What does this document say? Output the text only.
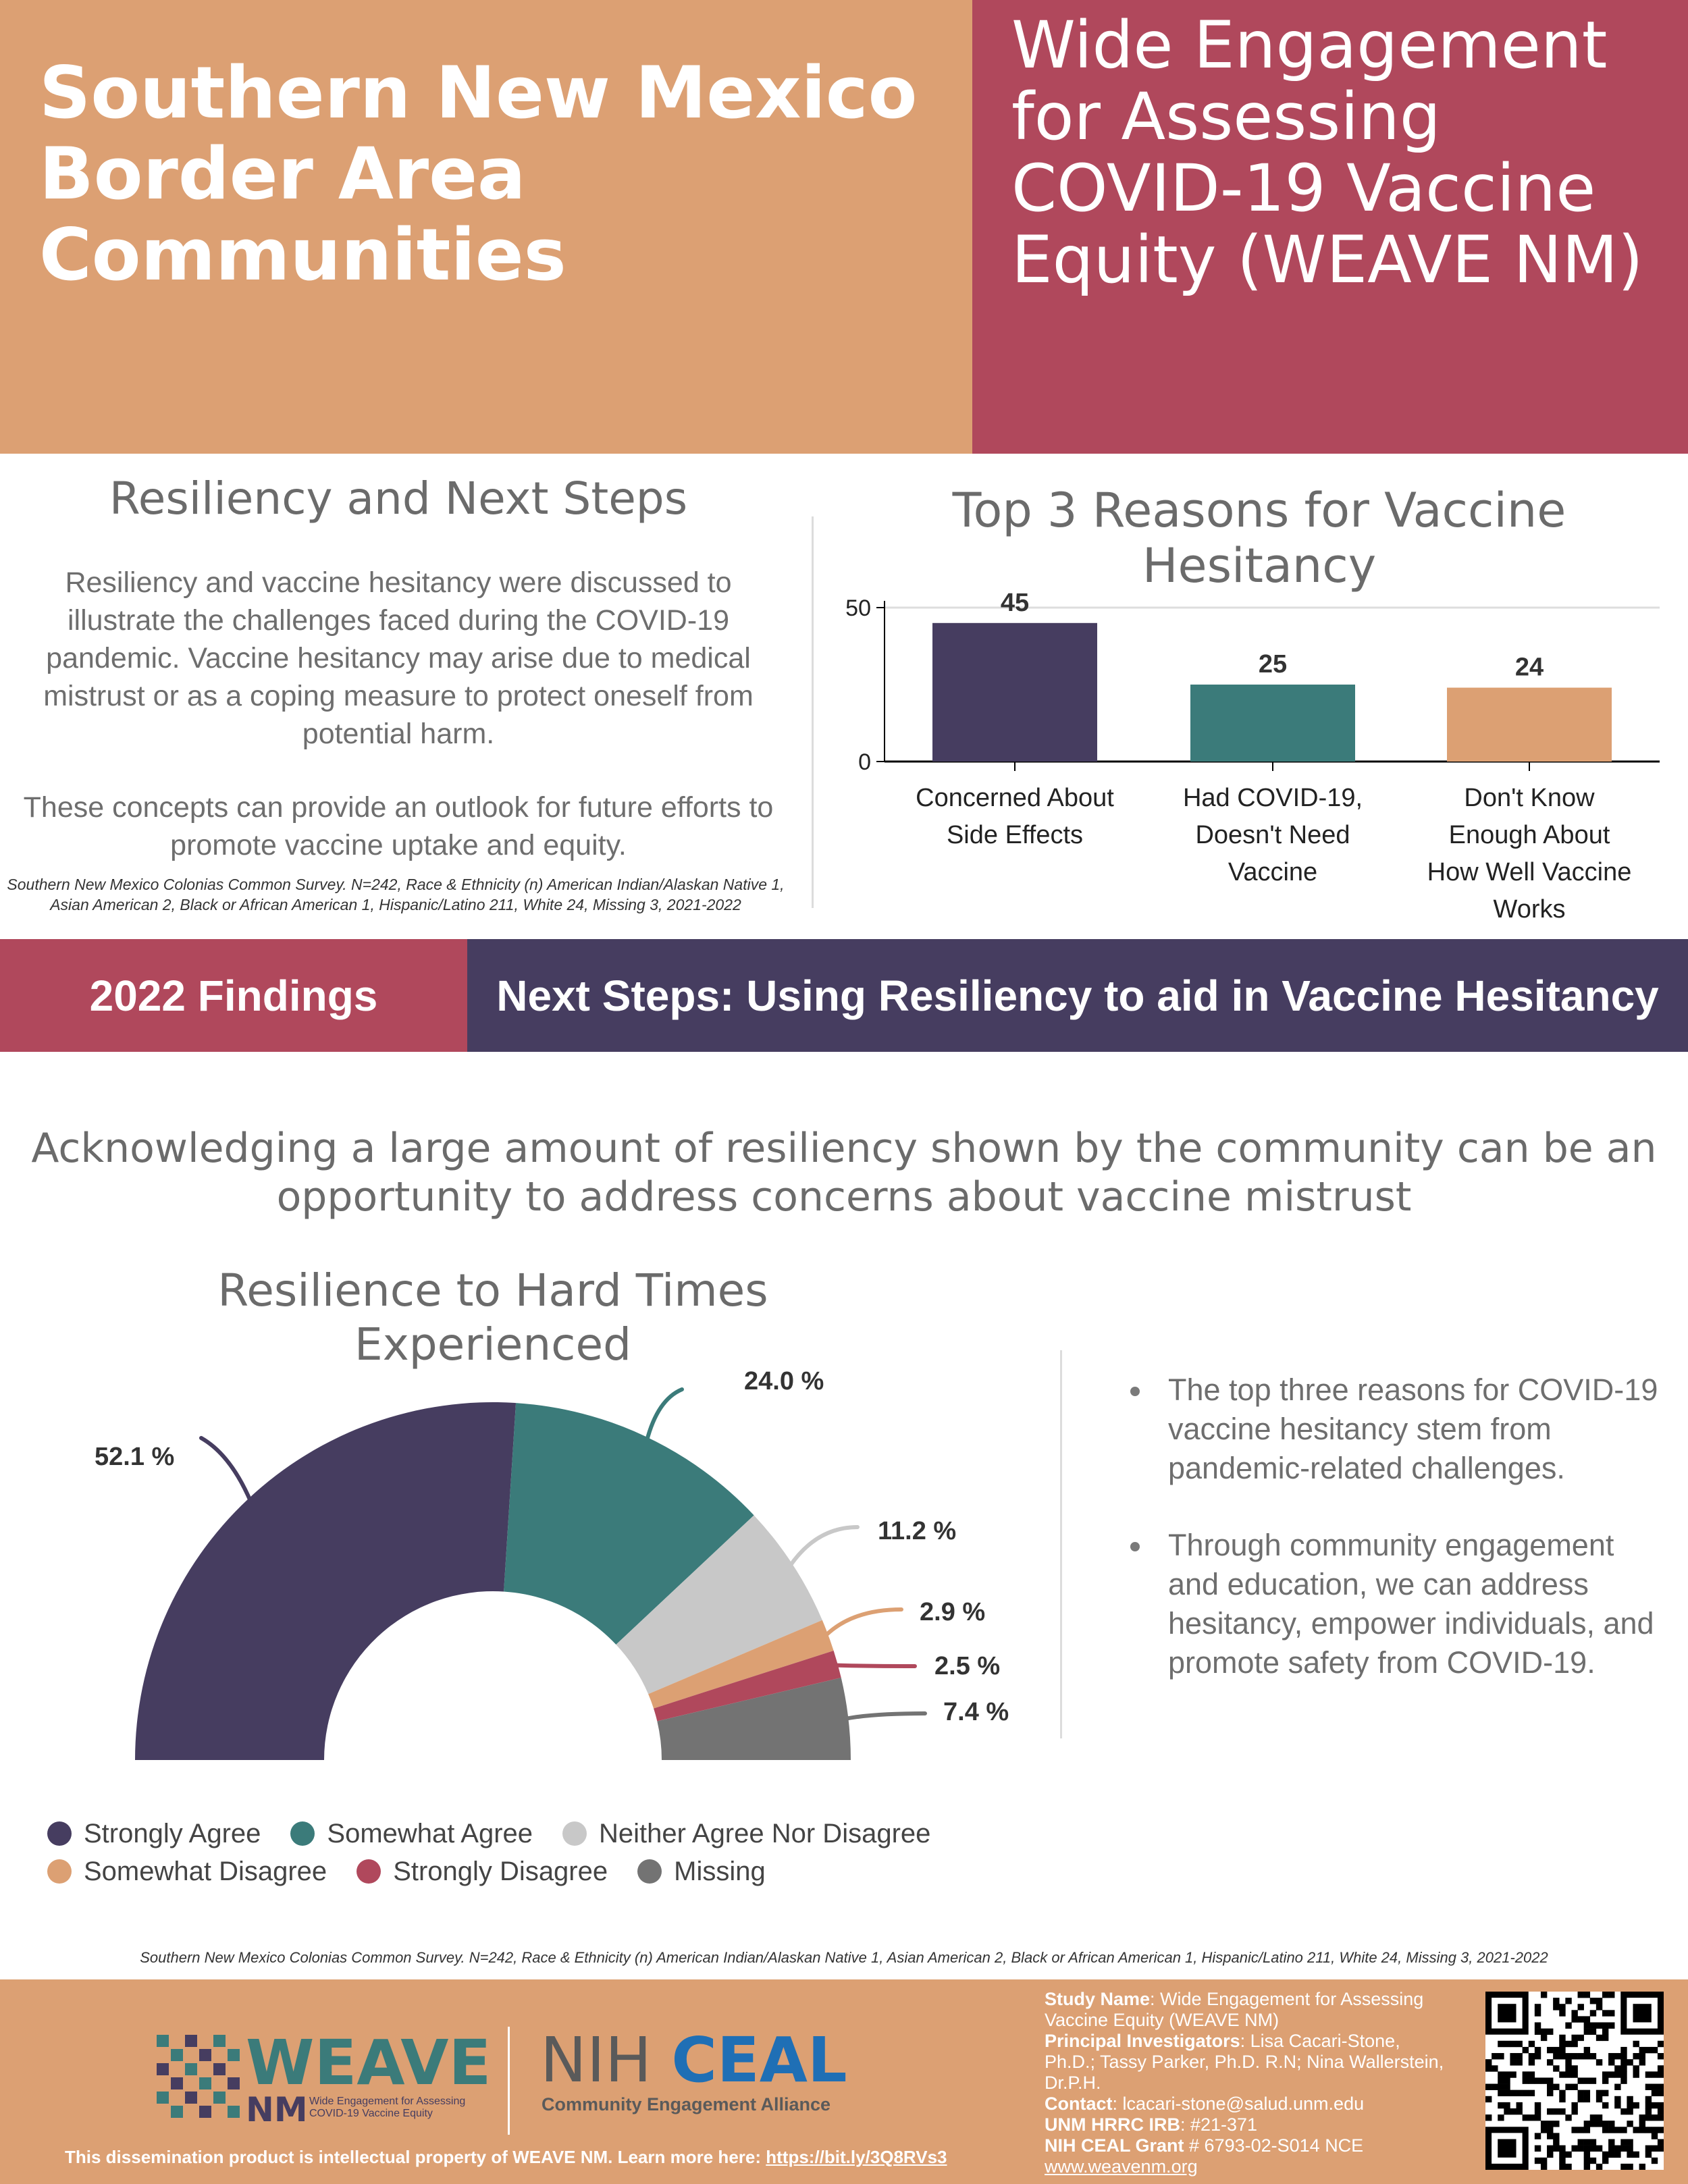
Southern New Mexico Border Area Communities
Wide Engagement for Assessing COVID-19 Vaccine Equity (WEAVE NM)
Resiliency and Next Steps
Resiliency and vaccine hesitancy were discussed to illustrate the challenges faced during the COVID-19 pandemic. Vaccine hesitancy may arise due to medical mistrust or as a coping measure to protect oneself from potential harm.
These concepts can provide an outlook for future efforts to promote vaccine uptake and equity.
Southern New Mexico Colonias Common Survey. N=242, Race & Ethnicity (n) American Indian/Alaskan Native 1, Asian American 2, Black or African American 1, Hispanic/Latino 211, White 24, Missing 3, 2021-2022
Top 3 Reasons for Vaccine Hesitancy
0
50	45
Concerned About Side Effects
25
Had COVID-19, Doesn't Need Vaccine
24
Don't Know Enough About How Well Vaccine Works
2022 Findings	Next Steps: Using Resiliency to aid in Vaccine Hesitancy
Acknowledging a large amount of resiliency shown by the community can be an opportunity to address concerns about vaccine mistrust
Resilience to Hard Times Experienced
52.1 %
24.0 %
11.2 %
2.9 %
2.5 %
7.4 %
The top three reasons for COVID-19 vaccine hesitancy stem from pandemic-related challenges.
Through community engagement and education, we can address hesitancy, empower individuals, and promote safety from COVID-19.
Strongly Agree Somewhat Agree Neither Agree Nor Disagree
Somewhat Disagree Strongly Disagree Missing
Southern New Mexico Colonias Common Survey. N=242, Race & Ethnicity (n) American Indian/Alaskan Native 1, Asian American 2, Black or African American 1, Hispanic/Latino 211, White 24, Missing 3, 2021-2022
WEAVE
NM Wide Engagement for Assessing COVID-19 Vaccine Equity
NIH CEAL
Community Engagement Alliance
Study Name: Wide Engagement for Assessing Vaccine Equity (WEAVE NM)
Principal Investigators: Lisa Cacari-Stone, Ph.D.; Tassy Parker, Ph.D. R.N; Nina Wallerstein, Dr.P.H.
Contact: lcacari-stone@salud.unm.edu
UNM HRRC IRB: #21-371
NIH CEAL Grant # 6793-02-S014 NCE
www.weavenm.org
This dissemination product is intellectual property of WEAVE NM. Learn more here: https://bit.ly/3Q8RVs3
